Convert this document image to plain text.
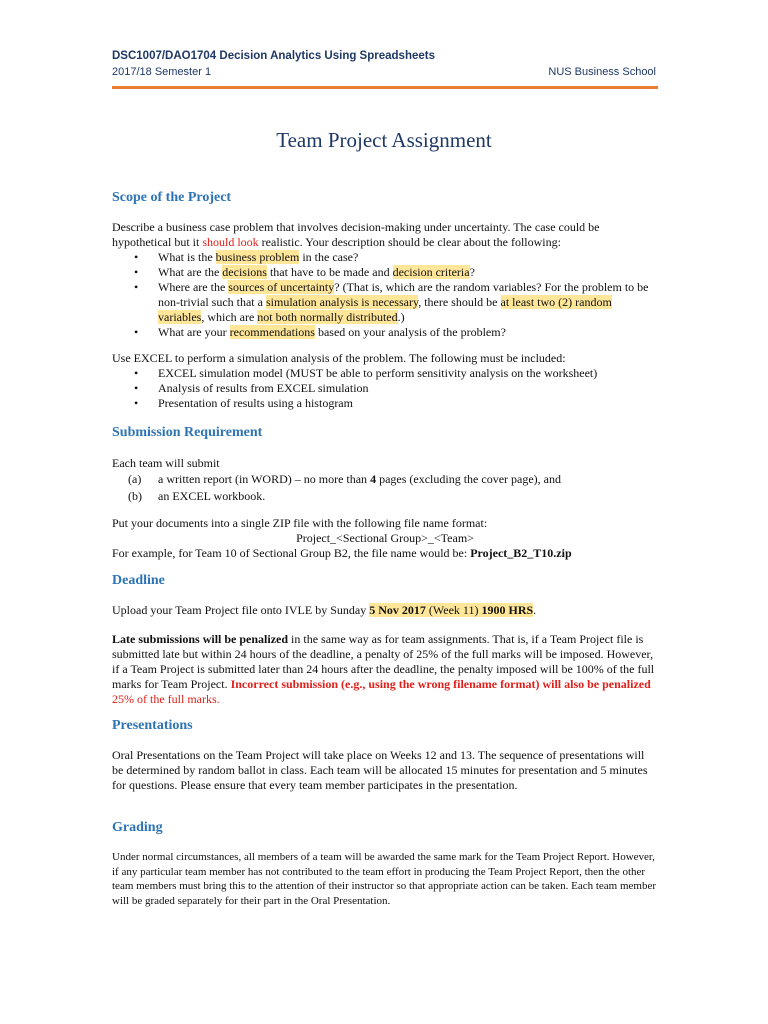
DSC1007/DAO1704 Decision Analytics Using Spreadsheets
2017/18 Semester 1	NUS Business School
Team Project Assignment
Scope of the Project

Describe a business case problem that involves decision-making under uncertainty. The case could be hypothetical but it should look realistic. Your description should be clear about the following:

• What is the business problem in the case?
• What are the decisions that have to be made and decision criteria?
• Where are the sources of uncertainty? (That is, which are the random variables? For the problem to be non-trivial such that a simulation analysis is necessary, there should be at least two (2) random variables, which are not both normally distributed.)
• What are your recommendations based on your analysis of the problem?

Use EXCEL to perform a simulation analysis of the problem. The following must be included:

• EXCEL simulation model (MUST be able to perform sensitivity analysis on the worksheet)
• Analysis of results from EXCEL simulation
• Presentation of results using a histogram
Submission Requirement

Each team will submit

(a) a written report (in WORD) – no more than 4 pages (excluding the cover page), and
(b) an EXCEL workbook.

Put your documents into a single ZIP file with the following file name format:

Project_<Sectional Group>_<Team>

For example, for Team 10 of Sectional Group B2, the file name would be: Project_B2_T10.zip

Deadline

Upload your Team Project file onto IVLE by Sunday 5 Nov 2017 (Week 11) 1900 HRS.

Late submissions will be penalized in the same way as for team assignments. That is, if a Team Project file is submitted late but within 24 hours of the deadline, a penalty of 25% of the full marks will be imposed. However, if a Team Project is submitted later than 24 hours after the deadline, the penalty imposed will be 100% of the full marks for Team Project. Incorrect submission (e.g., using the wrong filename format) will also be penalized 25% of the full marks.

Presentations
Oral Presentations on the Team Project will take place on Weeks 12 and 13. The sequence of presentations will be determined by random ballot in class. Each team will be allocated 15 minutes for presentation and 5 minutes for questions. Please ensure that every team member participates in the presentation.
Grading
Under normal circumstances, all members of a team will be awarded the same mark for the Team Project Report. However, if any particular team member has not contributed to the team effort in producing the Team Project Report, then the other team members must bring this to the attention of their instructor so that appropriate action can be taken. Each team member will be graded separately for their part in the Oral Presentation.
